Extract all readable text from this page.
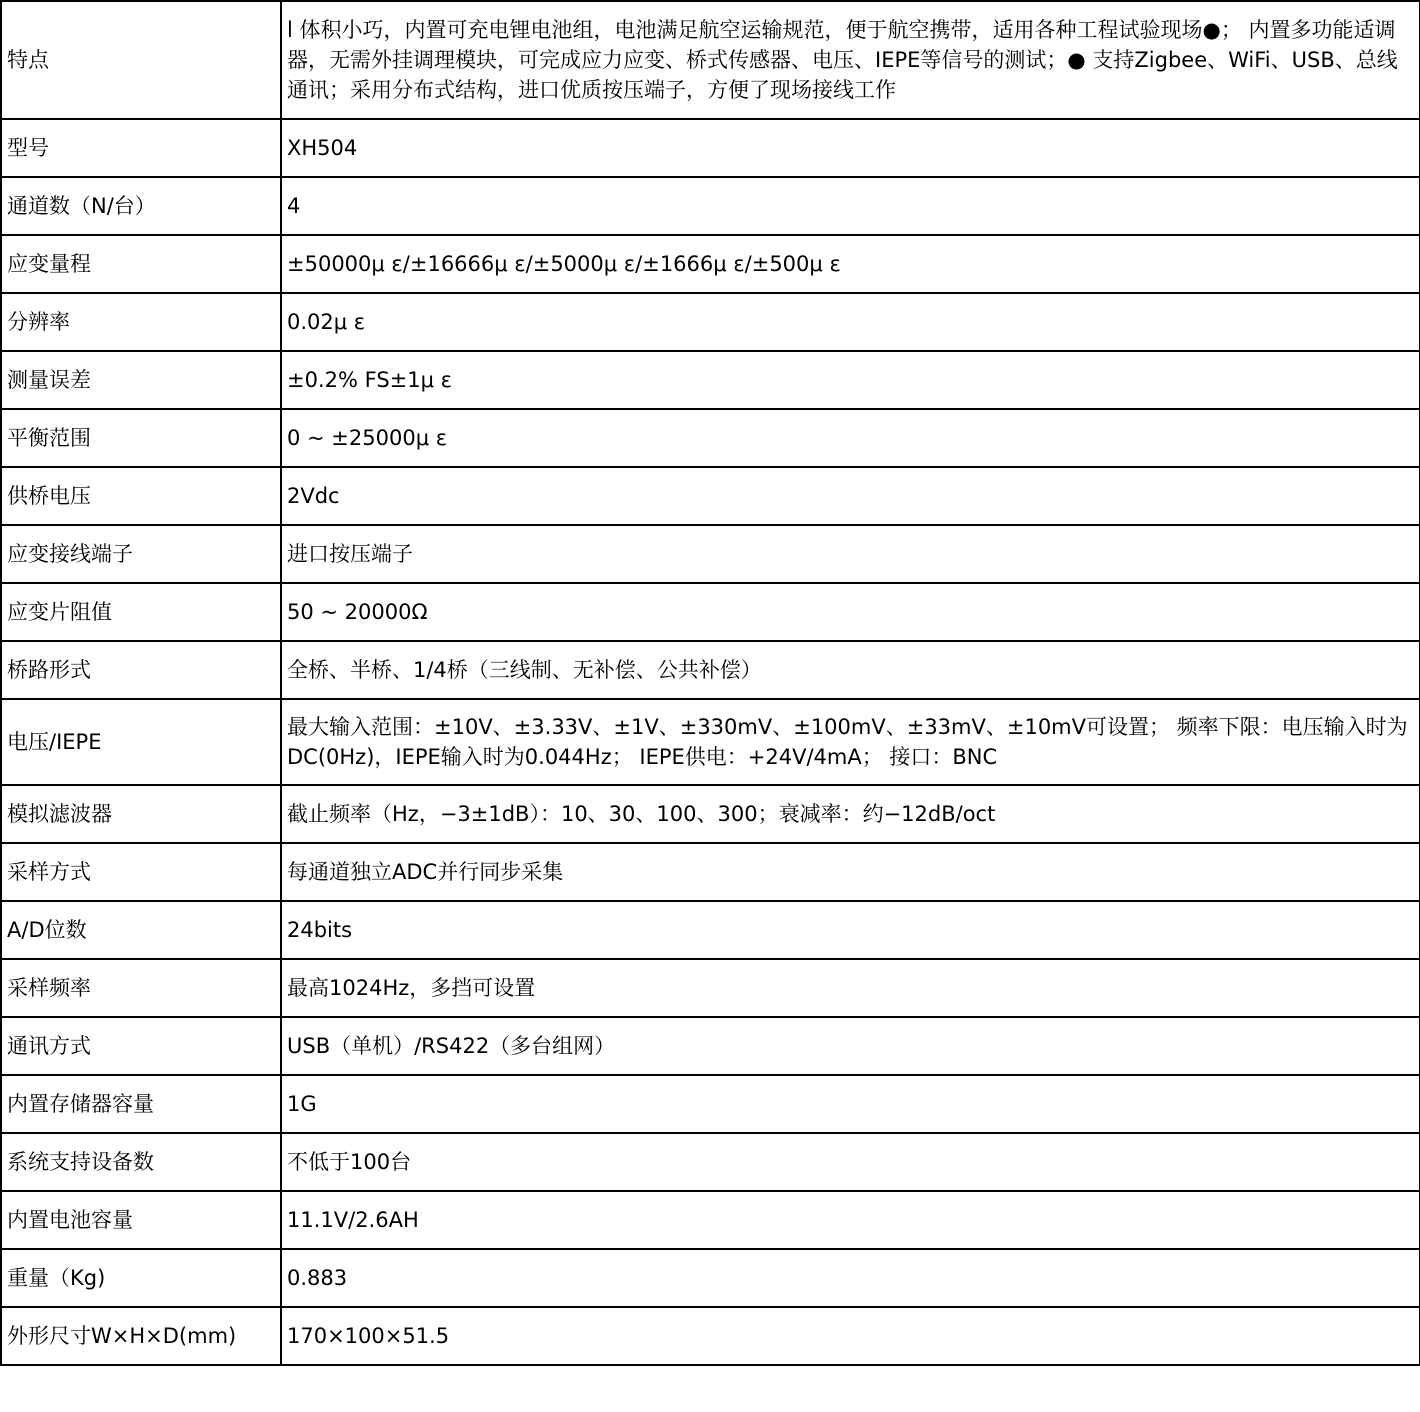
特点	l 体积小巧，内置可充电锂电池组，电池满足航空运输规范，便于航空携带，适用各种工程试验现场●； 内置多功能适调器，无需外挂调理模块，可完成应力应变、桥式传感器、电压、IEPE等信号的测试；● 支持Zigbee、WiFi、USB、总线通讯；采用分布式结构，进口优质按压端子，方便了现场接线工作
型号	XH504
通道数（N/台）	4
应变量程	±50000μ ε/±16666μ ε/±5000μ ε/±1666μ ε/±500μ ε
分辨率	0.02μ ε
测量误差	±0.2% FS±1μ ε
平衡范围	0 ~ ±25000μ ε
供桥电压	2Vdc
应变接线端子	进口按压端子
应变片阻值	50 ~ 20000Ω
桥路形式	全桥、半桥、1/4桥（三线制、无补偿、公共补偿）
电压/IEPE	最大输入范围：±10V、±3.33V、±1V、±330mV、±100mV、±33mV、±10mV可设置； 频率下限：电压输入时为DC(0Hz)，IEPE输入时为0.044Hz； IEPE供电：+24V/4mA； 接口：BNC
模拟滤波器	截止频率（Hz，−3±1dB）：10、30、100、300；衰减率：约−12dB/oct
采样方式	每通道独立ADC并行同步采集
A/D位数	24bits
采样频率	最高1024Hz，多挡可设置
通讯方式	USB（单机）/RS422（多台组网）
内置存储器容量	1G
系统支持设备数	不低于100台
内置电池容量	11.1V/2.6AH
重量（Kg)	0.883
外形尺寸W×H×D(mm)	170×100×51.5
